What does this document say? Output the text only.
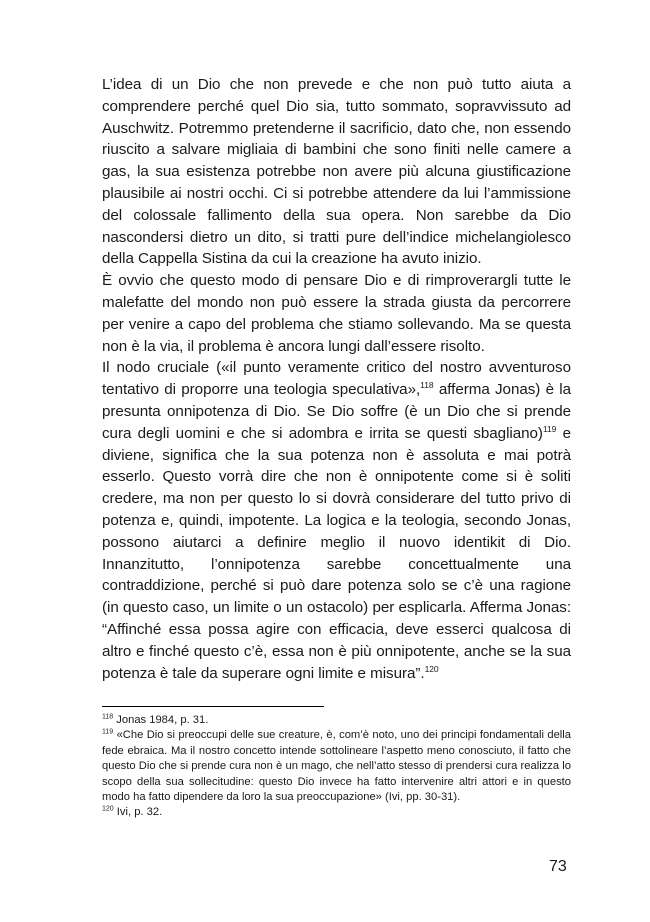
L’idea di un Dio che non prevede e che non può tutto aiuta a comprendere perché quel Dio sia, tutto sommato, sopravvissuto ad Auschwitz. Potremmo pretenderne il sacrificio, dato che, non essendo riuscito a salvare migliaia di bambini che sono finiti nelle camere a gas, la sua esistenza potrebbe non avere più alcuna giustificazione plausibile ai nostri occhi. Ci si potrebbe attendere da lui l’ammissione del colossale fallimento della sua opera. Non sarebbe da Dio nascondersi dietro un dito, si tratti pure dell’indice michelangiolesco della Cappella Sistina da cui la creazione ha avuto inizio.

È ovvio che questo modo di pensare Dio e di rimproverargli tutte le malefatte del mondo non può essere la strada giusta da percorrere per venire a capo del problema che stiamo sollevando. Ma se questa non è la via, il problema è ancora lungi dall’essere risolto.

Il nodo cruciale («il punto veramente critico del nostro avventuroso tentativo di proporre una teologia speculativa»,$^{118}$ afferma Jonas) è la presunta onnipotenza di Dio. Se Dio soffre (è un Dio che si prende cura degli uomini e che si adombra e irrita se questi sbagliano)$^{119}$ e diviene, significa che la sua potenza non è assoluta e mai potrà esserlo. Questo vorrà dire che non è onnipotente come si è soliti credere, ma non per questo lo si dovrà considerare del tutto privo di potenza e, quindi, impotente. La logica e la teologia, secondo Jonas, possono aiutarci a definire meglio il nuovo identikit di Dio. Innanzitutto, l’onnipotenza sarebbe concettualmente una contraddizione, perché si può dare potenza solo se c’è una ragione (in questo caso, un limite o un ostacolo) per esplicarla. Afferma Jonas: “Affinché essa possa agire con efficacia, deve esserci qualcosa di altro e finché questo c’è, essa non è più onnipotente, anche se la sua potenza è tale da superare ogni limite e misura”.$^{120}$

$^{118}$ Jonas 1984, p. 31.

$^{119}$ «Che Dio si preoccupi delle sue creature, è, com’è noto, uno dei principi fondamentali della fede ebraica. Ma il nostro concetto intende sottolineare l’aspetto meno conosciuto, il fatto che questo Dio che si prende cura non è un mago, che nell’atto stesso di prendersi cura realizza lo scopo della sua sollecitudine: questo Dio invece ha fatto intervenire altri attori e in questo modo ha fatto dipendere da loro la sua preoccupazione» (Ivi, pp. 30-31).

$^{120}$ Ivi, p. 32.

73
